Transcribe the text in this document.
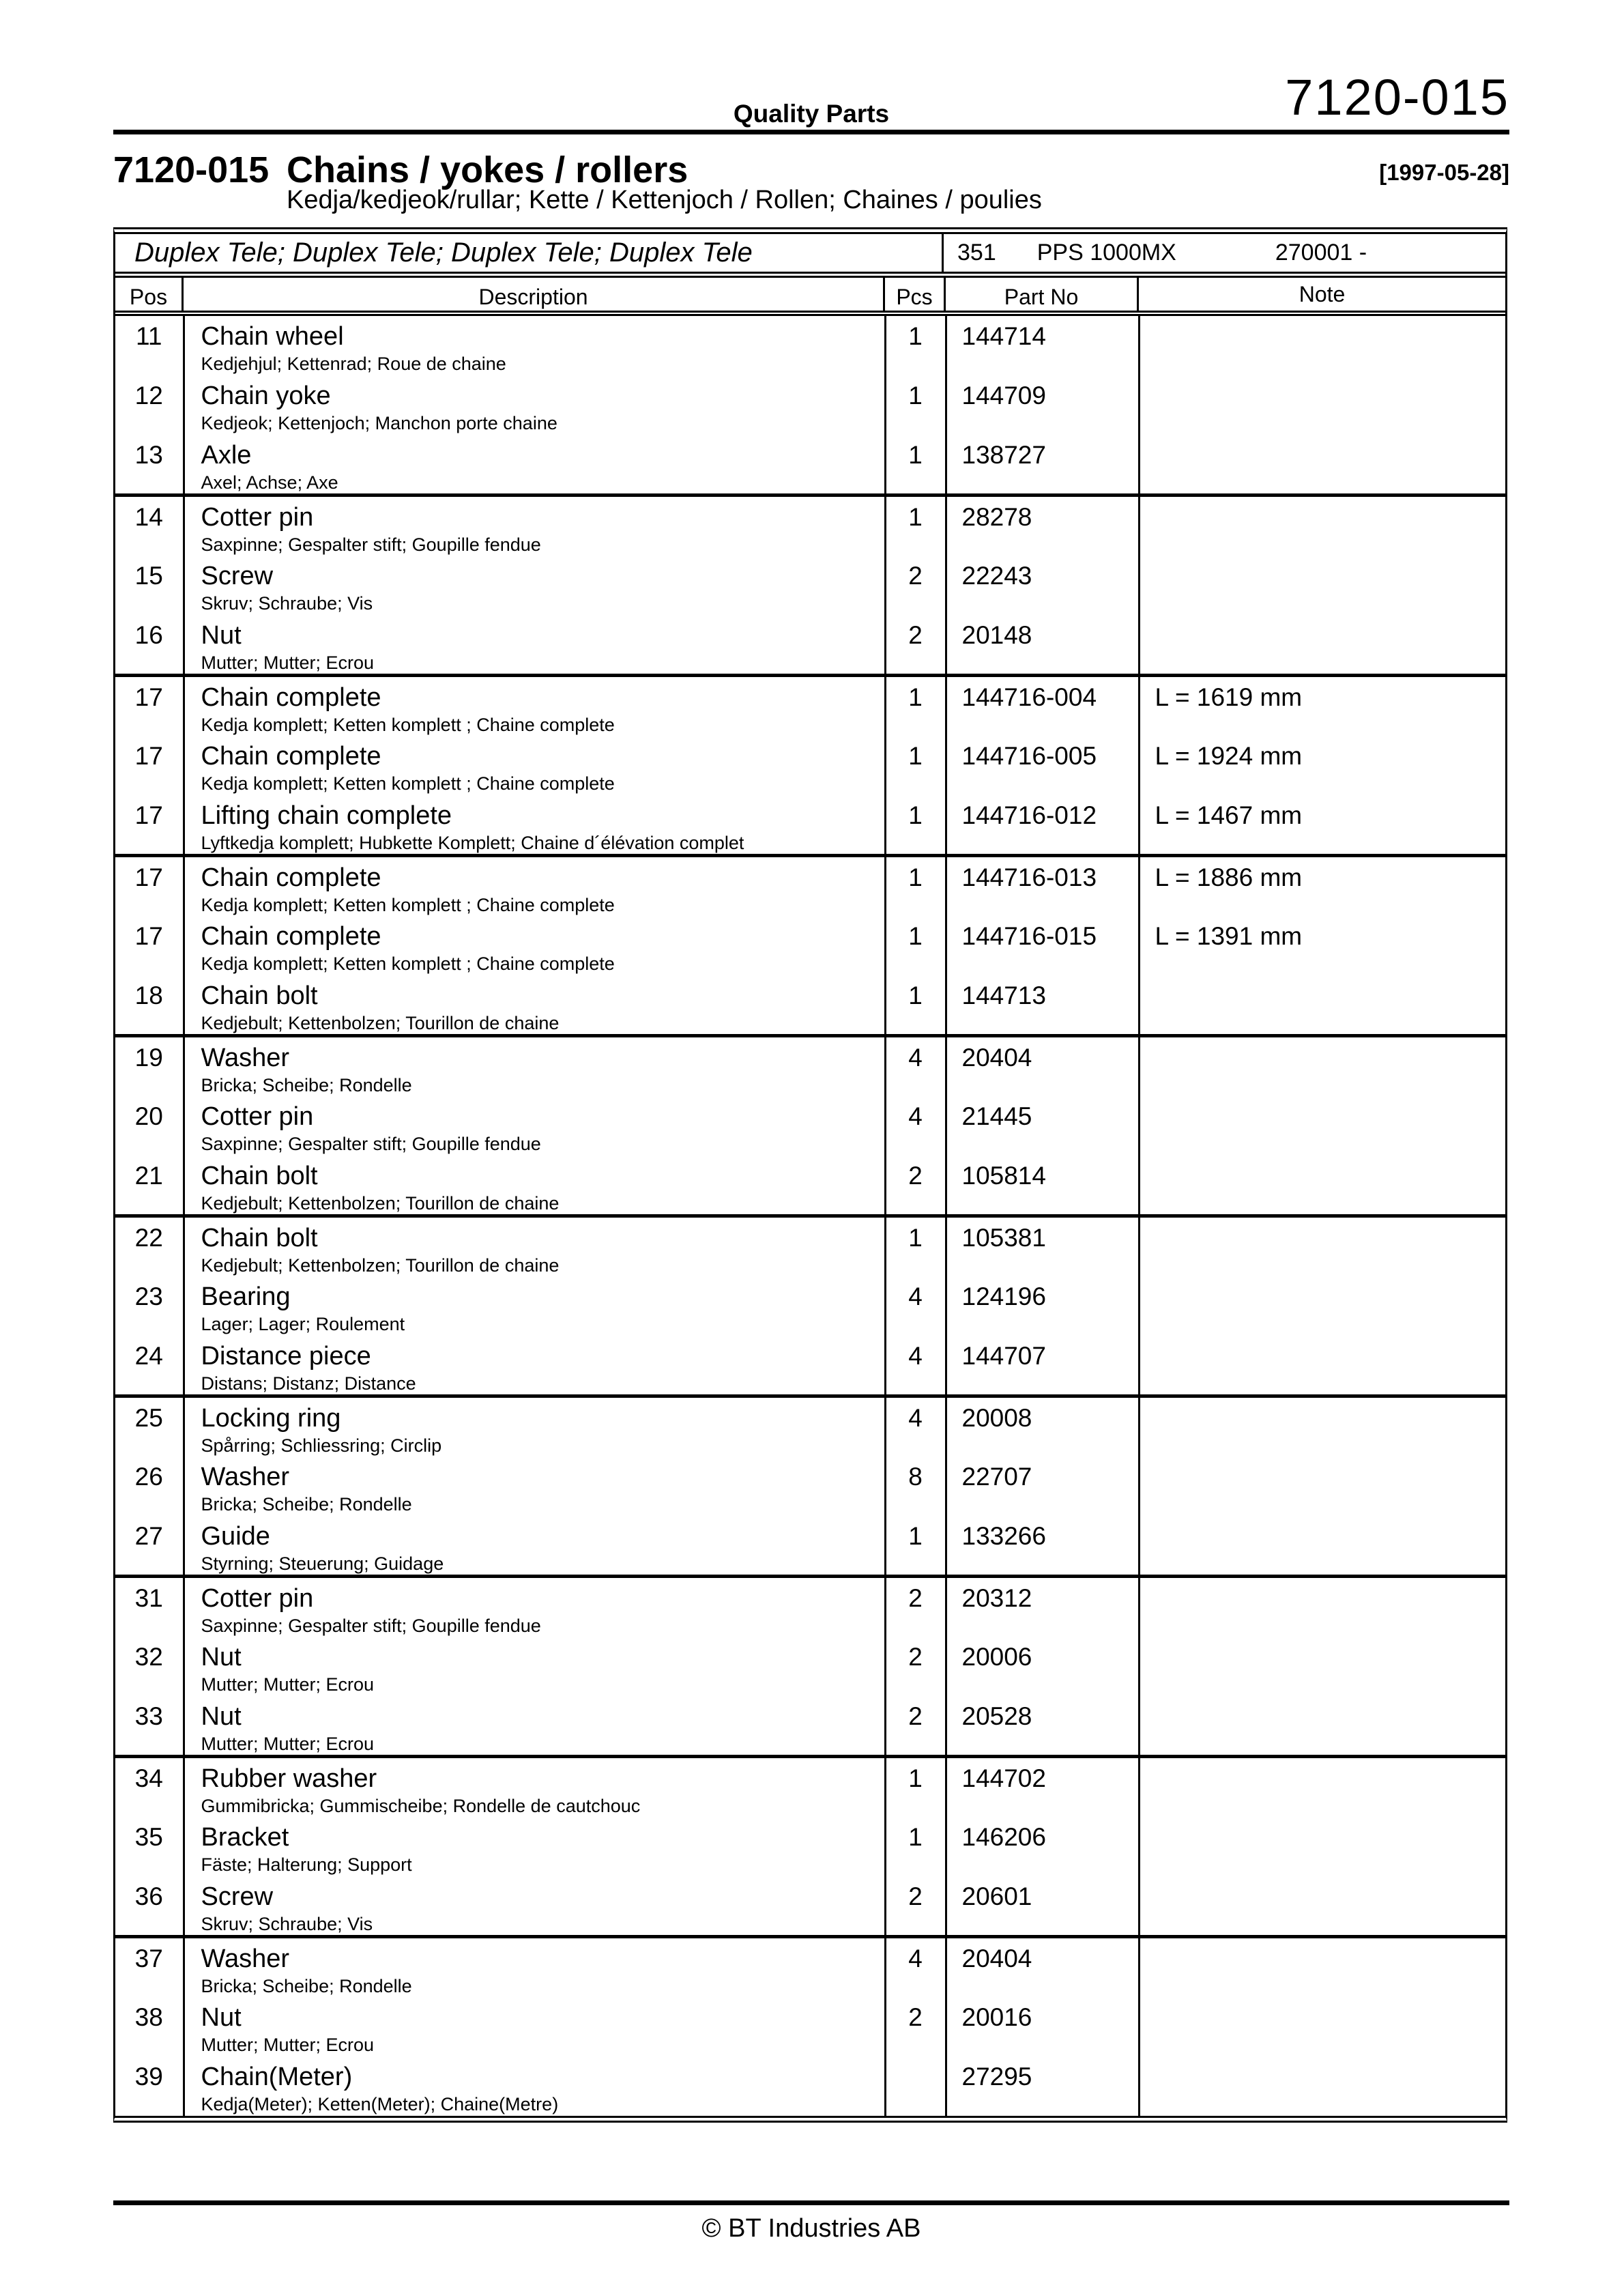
Quality Parts	7120-015
7120-015 Chains / yokes / rollers	[1997-05-28]
Kedja/kedjeok/rullar; Kette / Kettenjoch / Rollen; Chaines / poulies
Duplex Tele; Duplex Tele; Duplex Tele; Duplex Tele	351 PPS 1000MX	270001 -
Pos	Description	Pcs	Part No	Note
11	Chain wheel
Kedjehjul; Kettenrad; Roue de chaine	1	144714	
12	Chain yoke
Kedjeok; Kettenjoch; Manchon porte chaine	1	144709	
13	Axle
Axel; Achse; Axe	1	138727	
14	Cotter pin
Saxpinne; Gespalter stift; Goupille fendue	1	28278	
15	Screw
Skruv; Schraube; Vis	2	22243	
16	Nut
Mutter; Mutter; Ecrou	2	20148	
17	Chain complete
Kedja komplett; Ketten komplett ; Chaine complete	1	144716-004	L = 1619 mm
17	Chain complete
Kedja komplett; Ketten komplett ; Chaine complete	1	144716-005	L = 1924 mm
17	Lifting chain complete
Lyftkedja komplett; Hubkette Komplett; Chaine d´élévation complet	1	144716-012	L = 1467 mm
17	Chain complete
Kedja komplett; Ketten komplett ; Chaine complete	1	144716-013	L = 1886 mm
17	Chain complete
Kedja komplett; Ketten komplett ; Chaine complete	1	144716-015	L = 1391 mm
18	Chain bolt
Kedjebult; Kettenbolzen; Tourillon de chaine	1	144713	
19	Washer
Bricka; Scheibe; Rondelle	4	20404	
20	Cotter pin
Saxpinne; Gespalter stift; Goupille fendue	4	21445	
21	Chain bolt
Kedjebult; Kettenbolzen; Tourillon de chaine	2	105814	
22	Chain bolt
Kedjebult; Kettenbolzen; Tourillon de chaine	1	105381	
23	Bearing
Lager; Lager; Roulement	4	124196	
24	Distance piece
Distans; Distanz; Distance	4	144707	
25	Locking ring
Spårring; Schliessring; Circlip	4	20008	
26	Washer
Bricka; Scheibe; Rondelle	8	22707	
27	Guide
Styrning; Steuerung; Guidage	1	133266	
31	Cotter pin
Saxpinne; Gespalter stift; Goupille fendue	2	20312	
32	Nut
Mutter; Mutter; Ecrou	2	20006	
33	Nut
Mutter; Mutter; Ecrou	2	20528	
34	Rubber washer
Gummibricka; Gummischeibe; Rondelle de cautchouc	1	144702	
35	Bracket
Fäste; Halterung; Support	1	146206	
36	Screw
Skruv; Schraube; Vis	2	20601	
37	Washer
Bricka; Scheibe; Rondelle	4	20404	
38	Nut
Mutter; Mutter; Ecrou	2	20016	
39	Chain(Meter)
Kedja(Meter); Ketten(Meter); Chaine(Metre)		27295	
© BT Industries AB
